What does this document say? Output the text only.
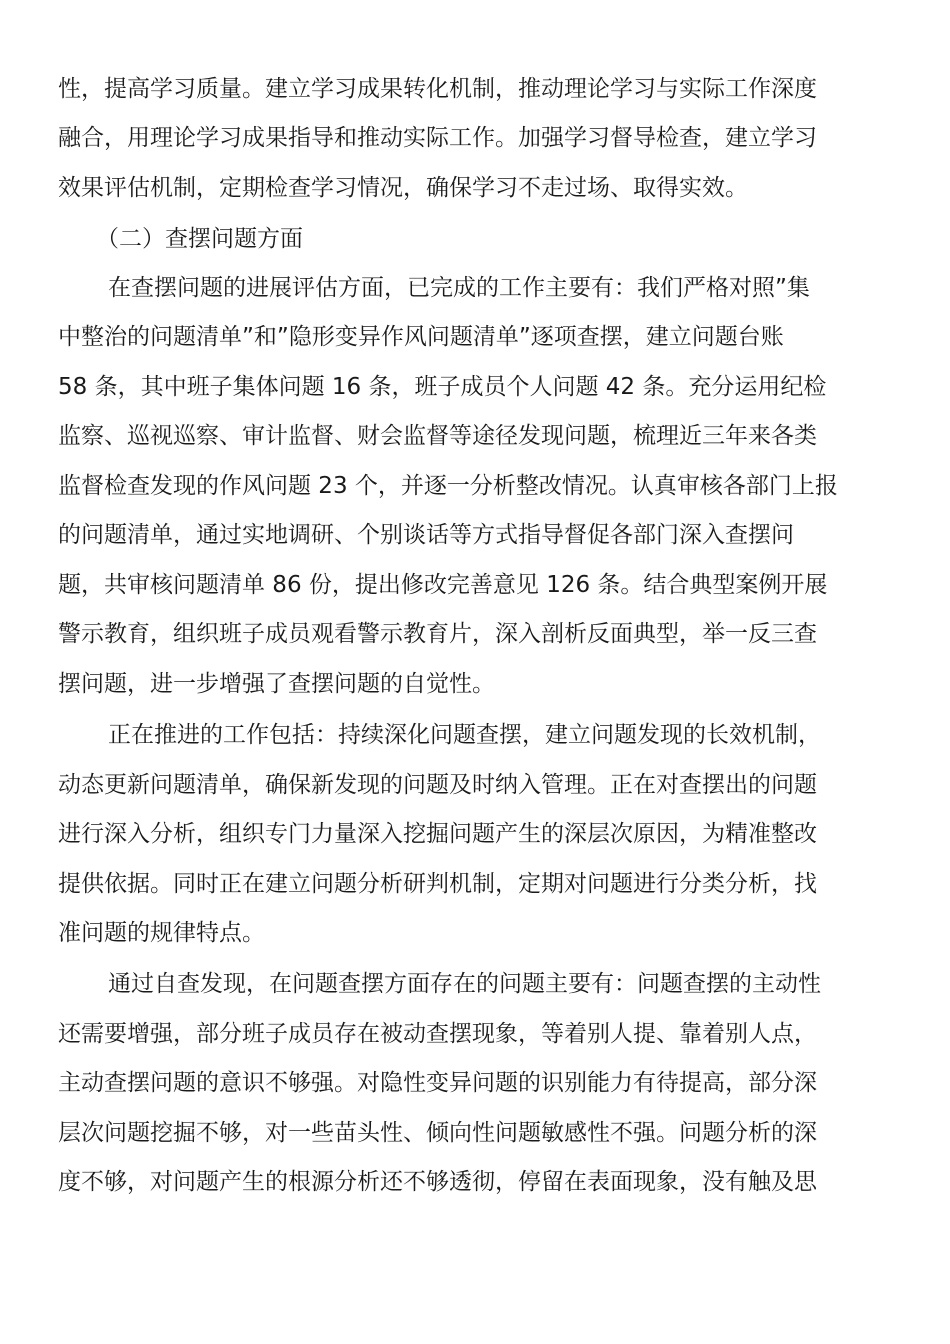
性，提高学习质量。建立学习成果转化机制，推动理论学习与实际工作深度
融合，用理论学习成果指导和推动实际工作。加强学习督导检查，建立学习
效果评估机制，定期检查学习情况，确保学习不走过场、取得实效。
（二）查摆问题方面
在查摆问题的进展评估方面，已完成的工作主要有：我们严格对照”集
中整治的问题清单”和”隐形变异作风问题清单”逐项查摆，建立问题台账
58 条，其中班子集体问题 16 条，班子成员个人问题 42 条。充分运用纪检
监察、巡视巡察、审计监督、财会监督等途径发现问题，梳理近三年来各类
监督检查发现的作风问题 23 个，并逐一分析整改情况。认真审核各部门上报
的问题清单，通过实地调研、个别谈话等方式指导督促各部门深入查摆问
题，共审核问题清单 86 份，提出修改完善意见 126 条。结合典型案例开展
警示教育，组织班子成员观看警示教育片，深入剖析反面典型，举一反三查
摆问题，进一步增强了查摆问题的自觉性。
正在推进的工作包括：持续深化问题查摆，建立问题发现的长效机制，
动态更新问题清单，确保新发现的问题及时纳入管理。正在对查摆出的问题
进行深入分析，组织专门力量深入挖掘问题产生的深层次原因，为精准整改
提供依据。同时正在建立问题分析研判机制，定期对问题进行分类分析，找
准问题的规律特点。
通过自查发现，在问题查摆方面存在的问题主要有：问题查摆的主动性
还需要增强，部分班子成员存在被动查摆现象，等着别人提、靠着别人点，
主动查摆问题的意识不够强。对隐性变异问题的识别能力有待提高，部分深
层次问题挖掘不够，对一些苗头性、倾向性问题敏感性不强。问题分析的深
度不够，对问题产生的根源分析还不够透彻，停留在表面现象，没有触及思
